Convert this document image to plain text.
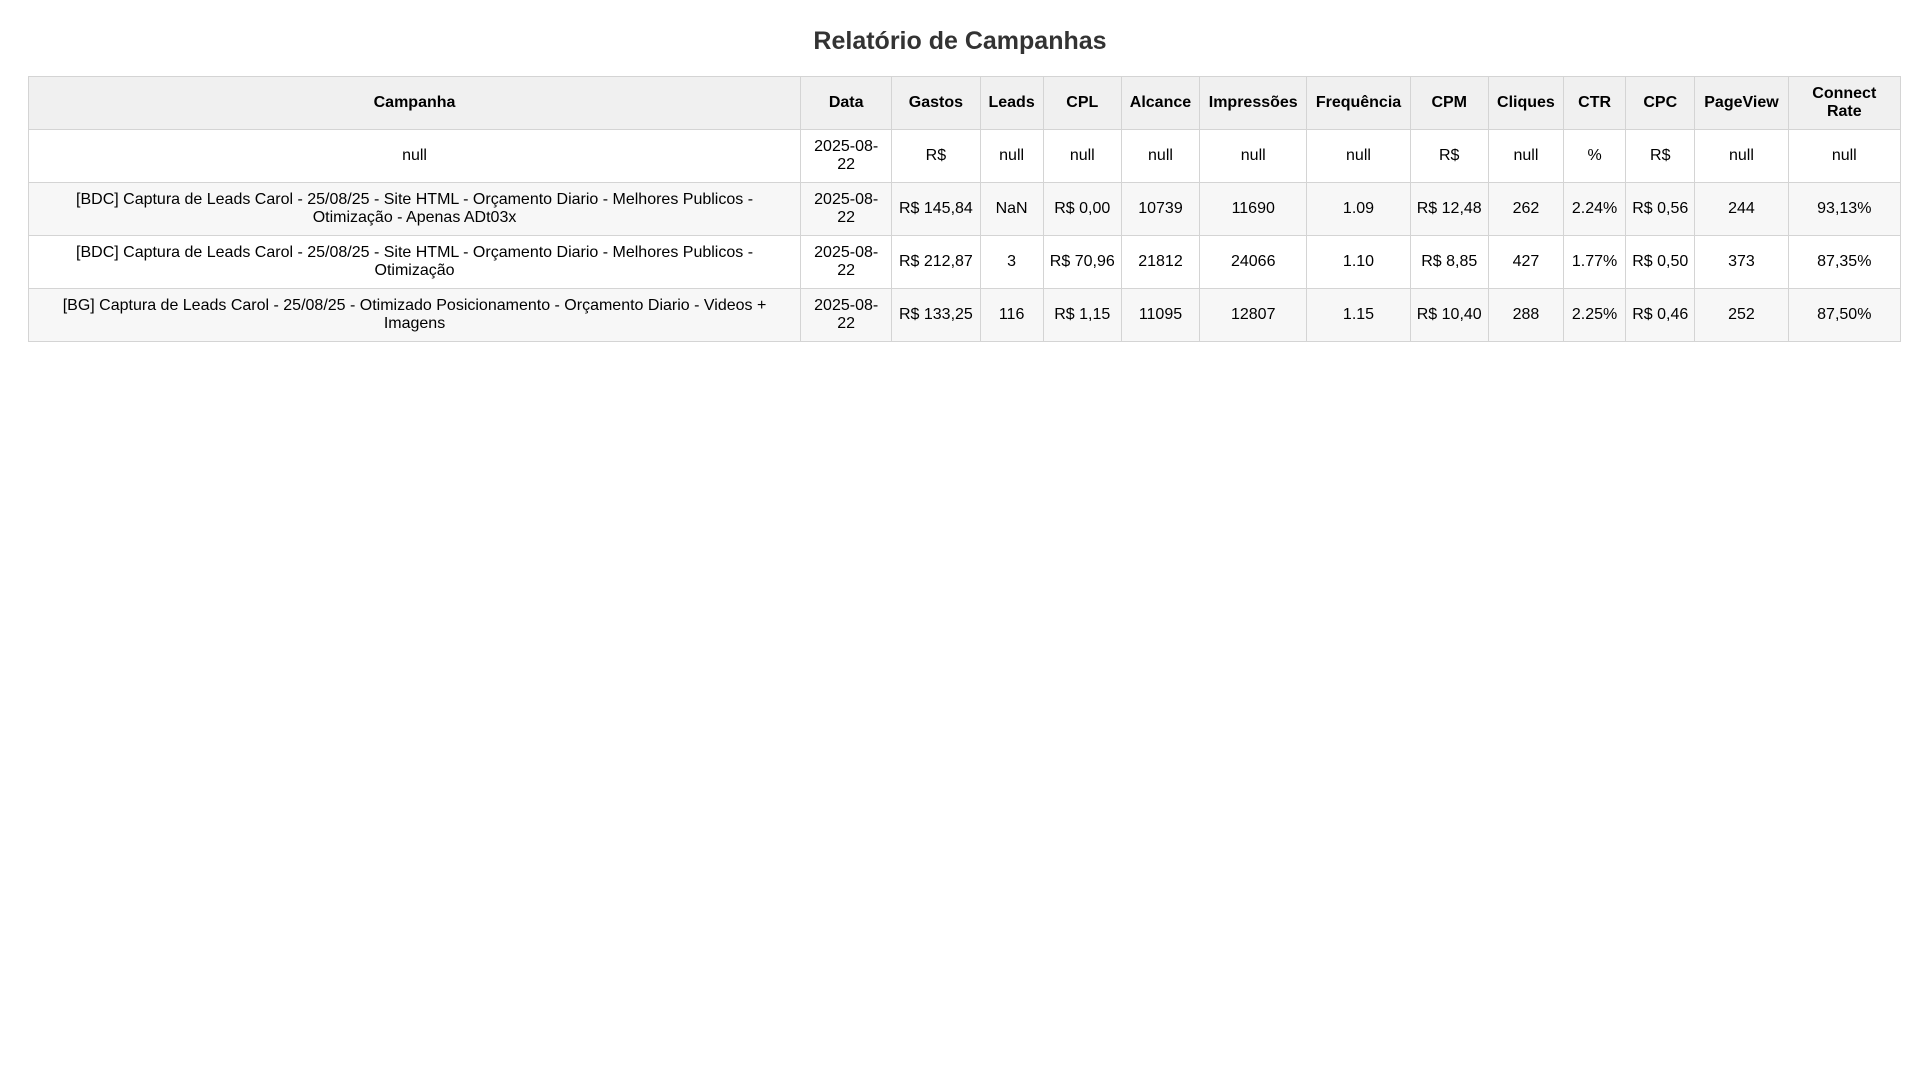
Relatório de Campanhas
Campanha	Data	Gastos	Leads	CPL	Alcance	Impressões	Frequência	CPM	Cliques	CTR	CPC	PageView	Connect Rate
null	2025-08-22	R$	null	null	null	null	null	R$	null	%	R$	null	null
[BDC] Captura de Leads Carol - 25/08/25 - Site HTML - Orçamento Diario - Melhores Publicos - Otimização - Apenas ADt03x	2025-08-22	R$ 145,84	NaN	R$ 0,00	10739	11690	1.09	R$ 12,48	262	2.24%	R$ 0,56	244	93,13%
[BDC] Captura de Leads Carol - 25/08/25 - Site HTML - Orçamento Diario - Melhores Publicos - Otimização	2025-08-22	R$ 212,87	3	R$ 70,96	21812	24066	1.10	R$ 8,85	427	1.77%	R$ 0,50	373	87,35%
[BG] Captura de Leads Carol - 25/08/25 - Otimizado Posicionamento - Orçamento Diario - Videos + Imagens	2025-08-22	R$ 133,25	116	R$ 1,15	11095	12807	1.15	R$ 10,40	288	2.25%	R$ 0,46	252	87,50%
